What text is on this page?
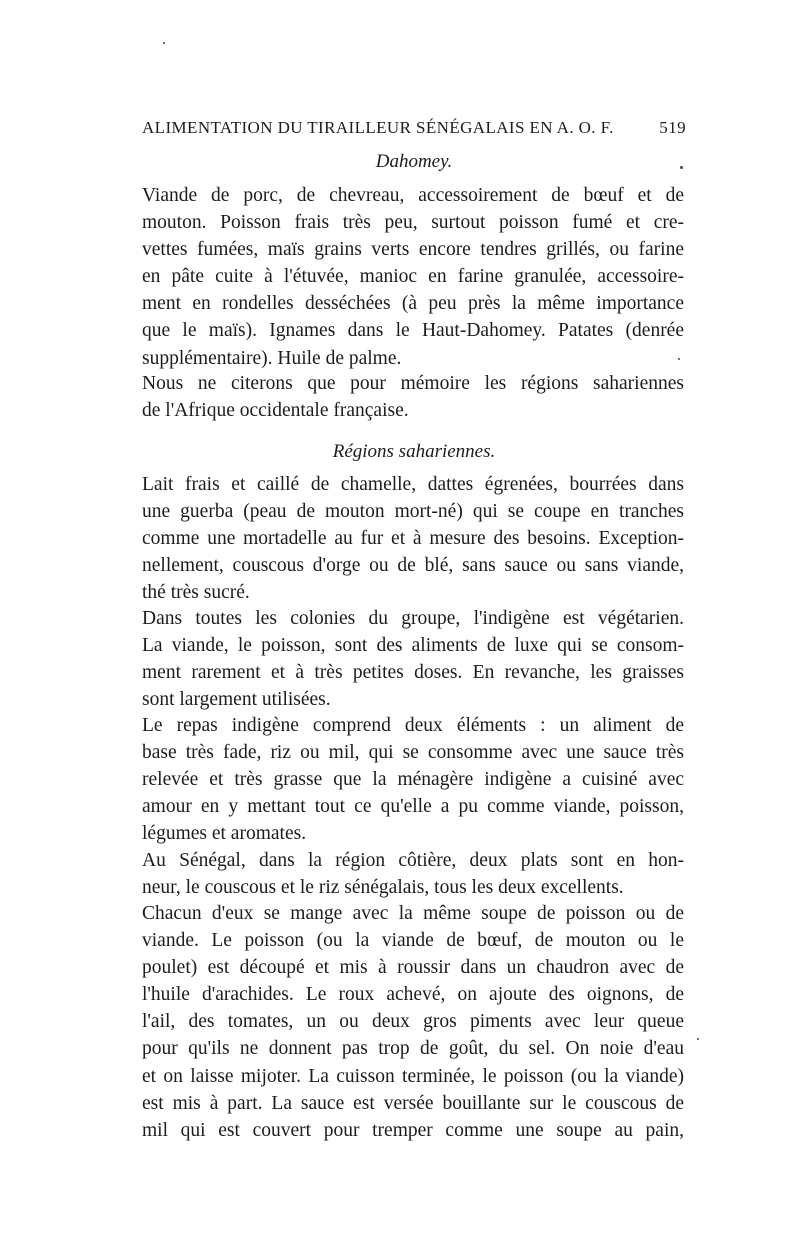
ALIMENTATION DU TIRAILLEUR SÉNÉGALAIS EN A. O. F.	519
Dahomey.
Viande de porc, de chevreau, accessoirement de bœuf et de
mouton. Poisson frais très peu, surtout poisson fumé et cre-
vettes fumées, maïs grains verts encore tendres grillés, ou farine
en pâte cuite à l'étuvée, manioc en farine granulée, accessoire-
ment en rondelles desséchées (à peu près la même importance
que le maïs). Ignames dans le Haut-Dahomey. Patates (denrée
supplémentaire). Huile de palme.
Nous ne citerons que pour mémoire les régions sahariennes
de l'Afrique occidentale française.
Régions sahariennes.
Lait frais et caillé de chamelle, dattes égrenées, bourrées dans
une guerba (peau de mouton mort-né) qui se coupe en tranches
comme une mortadelle au fur et à mesure des besoins. Exception-
nellement, couscous d'orge ou de blé, sans sauce ou sans viande,
thé très sucré.
Dans toutes les colonies du groupe, l'indigène est végétarien.
La viande, le poisson, sont des aliments de luxe qui se consom-
ment rarement et à très petites doses. En revanche, les graisses
sont largement utilisées.
Le repas indigène comprend deux éléments : un aliment de
base très fade, riz ou mil, qui se consomme avec une sauce très
relevée et très grasse que la ménagère indigène a cuisiné avec
amour en y mettant tout ce qu'elle a pu comme viande, poisson,
légumes et aromates.
Au Sénégal, dans la région côtière, deux plats sont en hon-
neur, le couscous et le riz sénégalais, tous les deux excellents.
Chacun d'eux se mange avec la même soupe de poisson ou de
viande. Le poisson (ou la viande de bœuf, de mouton ou le
poulet) est découpé et mis à roussir dans un chaudron avec de
l'huile d'arachides. Le roux achevé, on ajoute des oignons, de
l'ail, des tomates, un ou deux gros piments avec leur queue
pour qu'ils ne donnent pas trop de goût, du sel. On noie d'eau
et on laisse mijoter. La cuisson terminée, le poisson (ou la viande)
est mis à part. La sauce est versée bouillante sur le couscous de
mil qui est couvert pour tremper comme une soupe au pain,
